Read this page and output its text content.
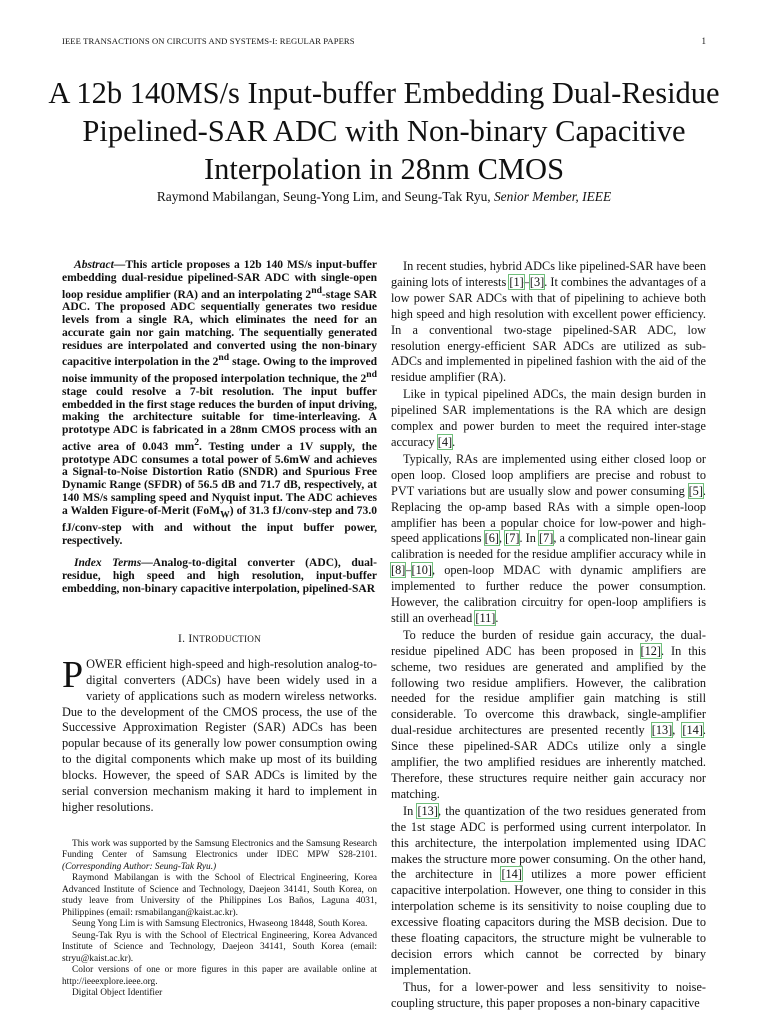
IEEE TRANSACTIONS ON CIRCUITS AND SYSTEMS-I: REGULAR PAPERS	1
A 12b 140MS/s Input-buffer Embedding Dual-Residue Pipelined-SAR ADC with Non-binary Capacitive Interpolation in 28nm CMOS
Raymond Mabilangan, Seung-Yong Lim, and Seung-Tak Ryu, Senior Member, IEEE

Abstract—This article proposes a 12b 140 MS/s input-buffer embedding dual-residue pipelined-SAR ADC with single-open loop residue amplifier (RA) and an interpolating 2nd-stage SAR ADC. The proposed ADC sequentially generates two residue levels from a single RA, which eliminates the need for an accurate gain nor gain matching. The sequentially generated residues are interpolated and converted using the non-binary capacitive interpolation in the 2nd stage. Owing to the improved noise immunity of the proposed interpolation technique, the 2nd stage could resolve a 7-bit resolution. The input buffer embedded in the first stage reduces the burden of input driving, making the architecture suitable for time-interleaving. A prototype ADC is fabricated in a 28nm CMOS process with an active area of 0.043 $mm^2$. Testing under a 1V supply, the prototype ADC consumes a total power of 5.6mW and achieves a Signal-to-Noise Distortion Ratio (SNDR) and Spurious Free Dynamic Range (SFDR) of 56.5 dB and 71.7 dB, respectively, at 140 MS/s sampling speed and Nyquist input. The ADC achieves a Walden Figure-of-Merit (FoM$_W$) of 31.3 fJ/conv-step and 73.0 fJ/conv-step with and without the input buffer power, respectively.

Index Terms—Analog-to-digital converter (ADC), dual-residue, high speed and high resolution, input-buffer embedding, non-binary capacitive interpolation, pipelined-SAR

I. INTRODUCTION

POWER efficient high-speed and high-resolution analog-to-digital converters (ADCs) have been widely used in a variety of applications such as modern wireless networks. Due to the development of the CMOS process, the use of the Successive Approximation Register (SAR) ADCs has been popular because of its generally low power consumption owing to the digital components which make up most of its building blocks. However, the speed of SAR ADCs is limited by the serial conversion mechanism making it hard to implement in higher resolutions.

This work was supported by the Samsung Electronics and the Samsung Research Funding Center of Samsung Electronics under IDEC MPW S28-2101. (Corresponding Author: Seung-Tak Ryu.)

Raymond Mabilangan is with the School of Electrical Engineering, Korea Advanced Institute of Science and Technology, Daejeon 34141, South Korea, on study leave from University of the Philippines Los Baños, Laguna 4031, Philippines (email: rsmabilangan@kaist.ac.kr).

Seung Yong Lim is with Samsung Electronics, Hwaseong 18448, South Korea.

Seung-Tak Ryu is with the School of Electrical Engineering, Korea Advanced Institute of Science and Technology, Daejeon 34141, South Korea (email: stryu@kaist.ac.kr).

Color versions of one or more figures in this paper are available online at http://ieeexplore.ieee.org.

Digital Object Identifier

In recent studies, hybrid ADCs like pipelined-SAR have been gaining lots of interests [1]–[3]. It combines the advantages of a low power SAR ADCs with that of pipelining to achieve both high speed and high resolution with excellent power efficiency. In a conventional two-stage pipelined-SAR ADC, low resolution energy-efficient SAR ADCs are utilized as sub-ADCs and implemented in pipelined fashion with the aid of the residue amplifier (RA).

Like in typical pipelined ADCs, the main design burden in pipelined SAR implementations is the RA which are design complex and power burden to meet the required inter-stage accuracy [4].

Typically, RAs are implemented using either closed loop or open loop. Closed loop amplifiers are precise and robust to PVT variations but are usually slow and power consuming [5]. Replacing the op-amp based RAs with a simple open-loop amplifier has been a popular choice for low-power and high-speed applications [6], [7]. In [7], a complicated non-linear gain calibration is needed for the residue amplifier accuracy while in [8]–[10], open-loop MDAC with dynamic amplifiers are implemented to further reduce the power consumption. However, the calibration circuitry for open-loop amplifiers is still an overhead [11].

To reduce the burden of residue gain accuracy, the dual-residue pipelined ADC has been proposed in [12]. In this scheme, two residues are generated and amplified by the following two residue amplifiers. However, the calibration needed for the residue amplifier gain matching is still considerable. To overcome this drawback, single-amplifier dual-residue architectures are presented recently [13], [14]. Since these pipelined-SAR ADCs utilize only a single amplifier, the two amplified residues are inherently matched. Therefore, these structures require neither gain accuracy nor matching.

In [13], the quantization of the two residues generated from the 1st stage ADC is performed using current interpolator. In this architecture, the interpolation implemented using IDAC makes the structure more power consuming. On the other hand, the architecture in [14] utilizes a more power efficient capacitive interpolation. However, one thing to consider in this interpolation scheme is its sensitivity to noise coupling due to excessive floating capacitors during the MSB decision. Due to these floating capacitors, the structure might be vulnerable to decision errors which cannot be corrected by binary implementation.

Thus, for a lower-power and less sensitivity to noise-coupling structure, this paper proposes a non-binary capacitive
